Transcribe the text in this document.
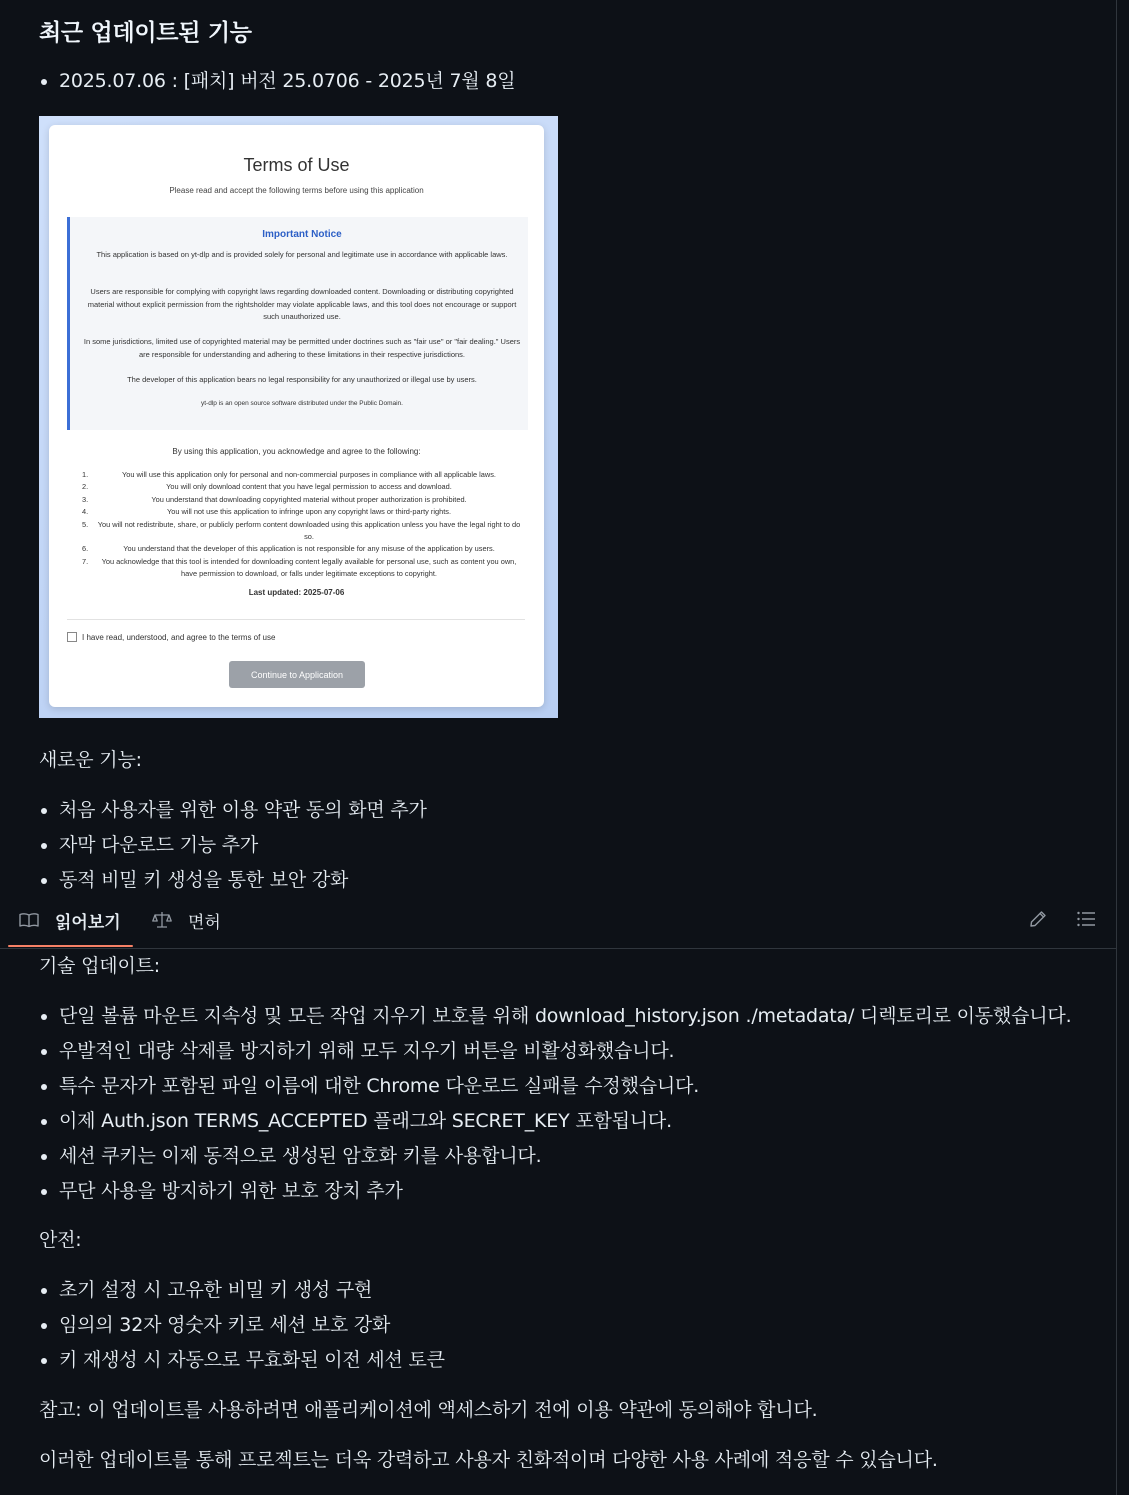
최근 업데이트된 기능
2025.07.06 : [패치] 버전 25.0706 - 2025년 7월 8일
Terms of Use
Please read and accept the following terms before using this application
Important Notice
This application is based on yt-dlp and is provided solely for personal and legitimate use in accordance with applicable laws.
Users are responsible for complying with copyright laws regarding downloaded content. Downloading or distributing copyrighted material without explicit permission from the rightsholder may violate applicable laws, and this tool does not encourage or support such unauthorized use.
In some jurisdictions, limited use of copyrighted material may be permitted under doctrines such as "fair use" or "fair dealing." Users are responsible for understanding and adhering to these limitations in their respective jurisdictions.
The developer of this application bears no legal responsibility for any unauthorized or illegal use by users.
yt-dlp is an open source software distributed under the Public Domain.
By using this application, you acknowledge and agree to the following:
1.	You will use this application only for personal and non-commercial purposes in compliance with all applicable laws.
2.	You will only download content that you have legal permission to access and download.
3.	You understand that downloading copyrighted material without proper authorization is prohibited.
4.	You will not use this application to infringe upon any copyright laws or third-party rights.
5.	You will not redistribute, share, or publicly perform content downloaded using this application unless you have the legal right to do so.
6.	You understand that the developer of this application is not responsible for any misuse of the application by users.
7.	You acknowledge that this tool is intended for downloading content legally available for personal use, such as content you own, have permission to download, or falls under legitimate exceptions to copyright.
Last updated: 2025-07-06
I have read, understood, and agree to the terms of use
Continue to Application

새로운 기능:

처음 사용자를 위한 이용 약관 동의 화면 추가
자막 다운로드 기능 추가
동적 비밀 키 생성을 통한 보안 강화

기술 업데이트:

단일 볼륨 마운트 지속성 및 모든 작업 지우기 보호를 위해 download_history.json ./metadata/ 디렉토리로 이동했습니다.
우발적인 대량 삭제를 방지하기 위해 모두 지우기 버튼을 비활성화했습니다.
특수 문자가 포함된 파일 이름에 대한 Chrome 다운로드 실패를 수정했습니다.
이제 Auth.json TERMS_ACCEPTED 플래그와 SECRET_KEY 포함됩니다.
세션 쿠키는 이제 동적으로 생성된 암호화 키를 사용합니다.
무단 사용을 방지하기 위한 보호 장치 추가

안전:

초기 설정 시 고유한 비밀 키 생성 구현
임의의 32자 영숫자 키로 세션 보호 강화
키 재생성 시 자동으로 무효화된 이전 세션 토큰

참고: 이 업데이트를 사용하려면 애플리케이션에 액세스하기 전에 이용 약관에 동의해야 합니다.

이러한 업데이트를 통해 프로젝트는 더욱 강력하고 사용자 친화적이며 다양한 사용 사례에 적응할 수 있습니다.

읽어보기	면허
